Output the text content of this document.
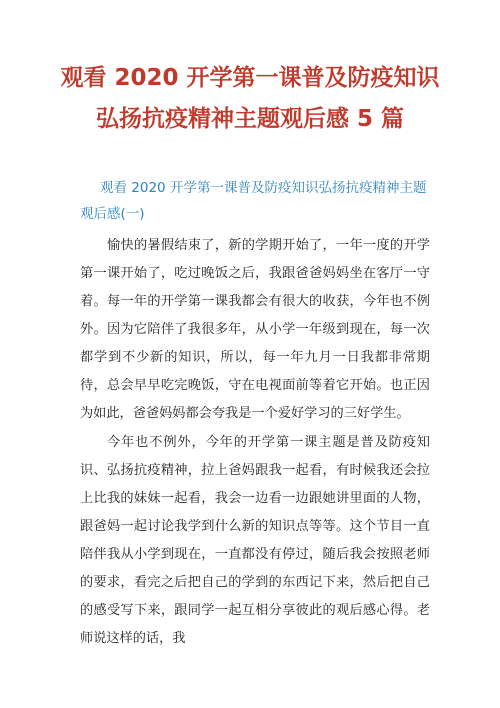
观看 2020 开学第一课普及防疫知识
弘扬抗疫精神主题观后感 5 篇
观看 2020 开学第一课普及防疫知识弘扬抗疫精神主题观后感(一)

愉快的暑假结束了，新的学期开始了，一年一度的开学第一课开始了，吃过晚饭之后，我跟爸爸妈妈坐在客厅一守着。每一年的开学第一课我都会有很大的收获，今年也不例外。因为它陪伴了我很多年，从小学一年级到现在，每一次都学到不少新的知识，所以，每一年九月一日我都非常期待，总会早早吃完晚饭，守在电视面前等着它开始。也正因为如此，爸爸妈妈都会夸我是一个爱好学习的三好学生。

今年也不例外，今年的开学第一课主题是普及防疫知识、弘扬抗疫精神，拉上爸妈跟我一起看，有时候我还会拉上比我的妹妹一起看，我会一边看一边跟她讲里面的人物，跟爸妈一起讨论我学到什么新的知识点等等。这个节目一直陪伴我从小学到现在，一直都没有停过，随后我会按照老师的要求，看完之后把自己的学到的东西记下来，然后把自己的感受写下来，跟同学一起互相分享彼此的观后感心得。老师说这样的话，我
